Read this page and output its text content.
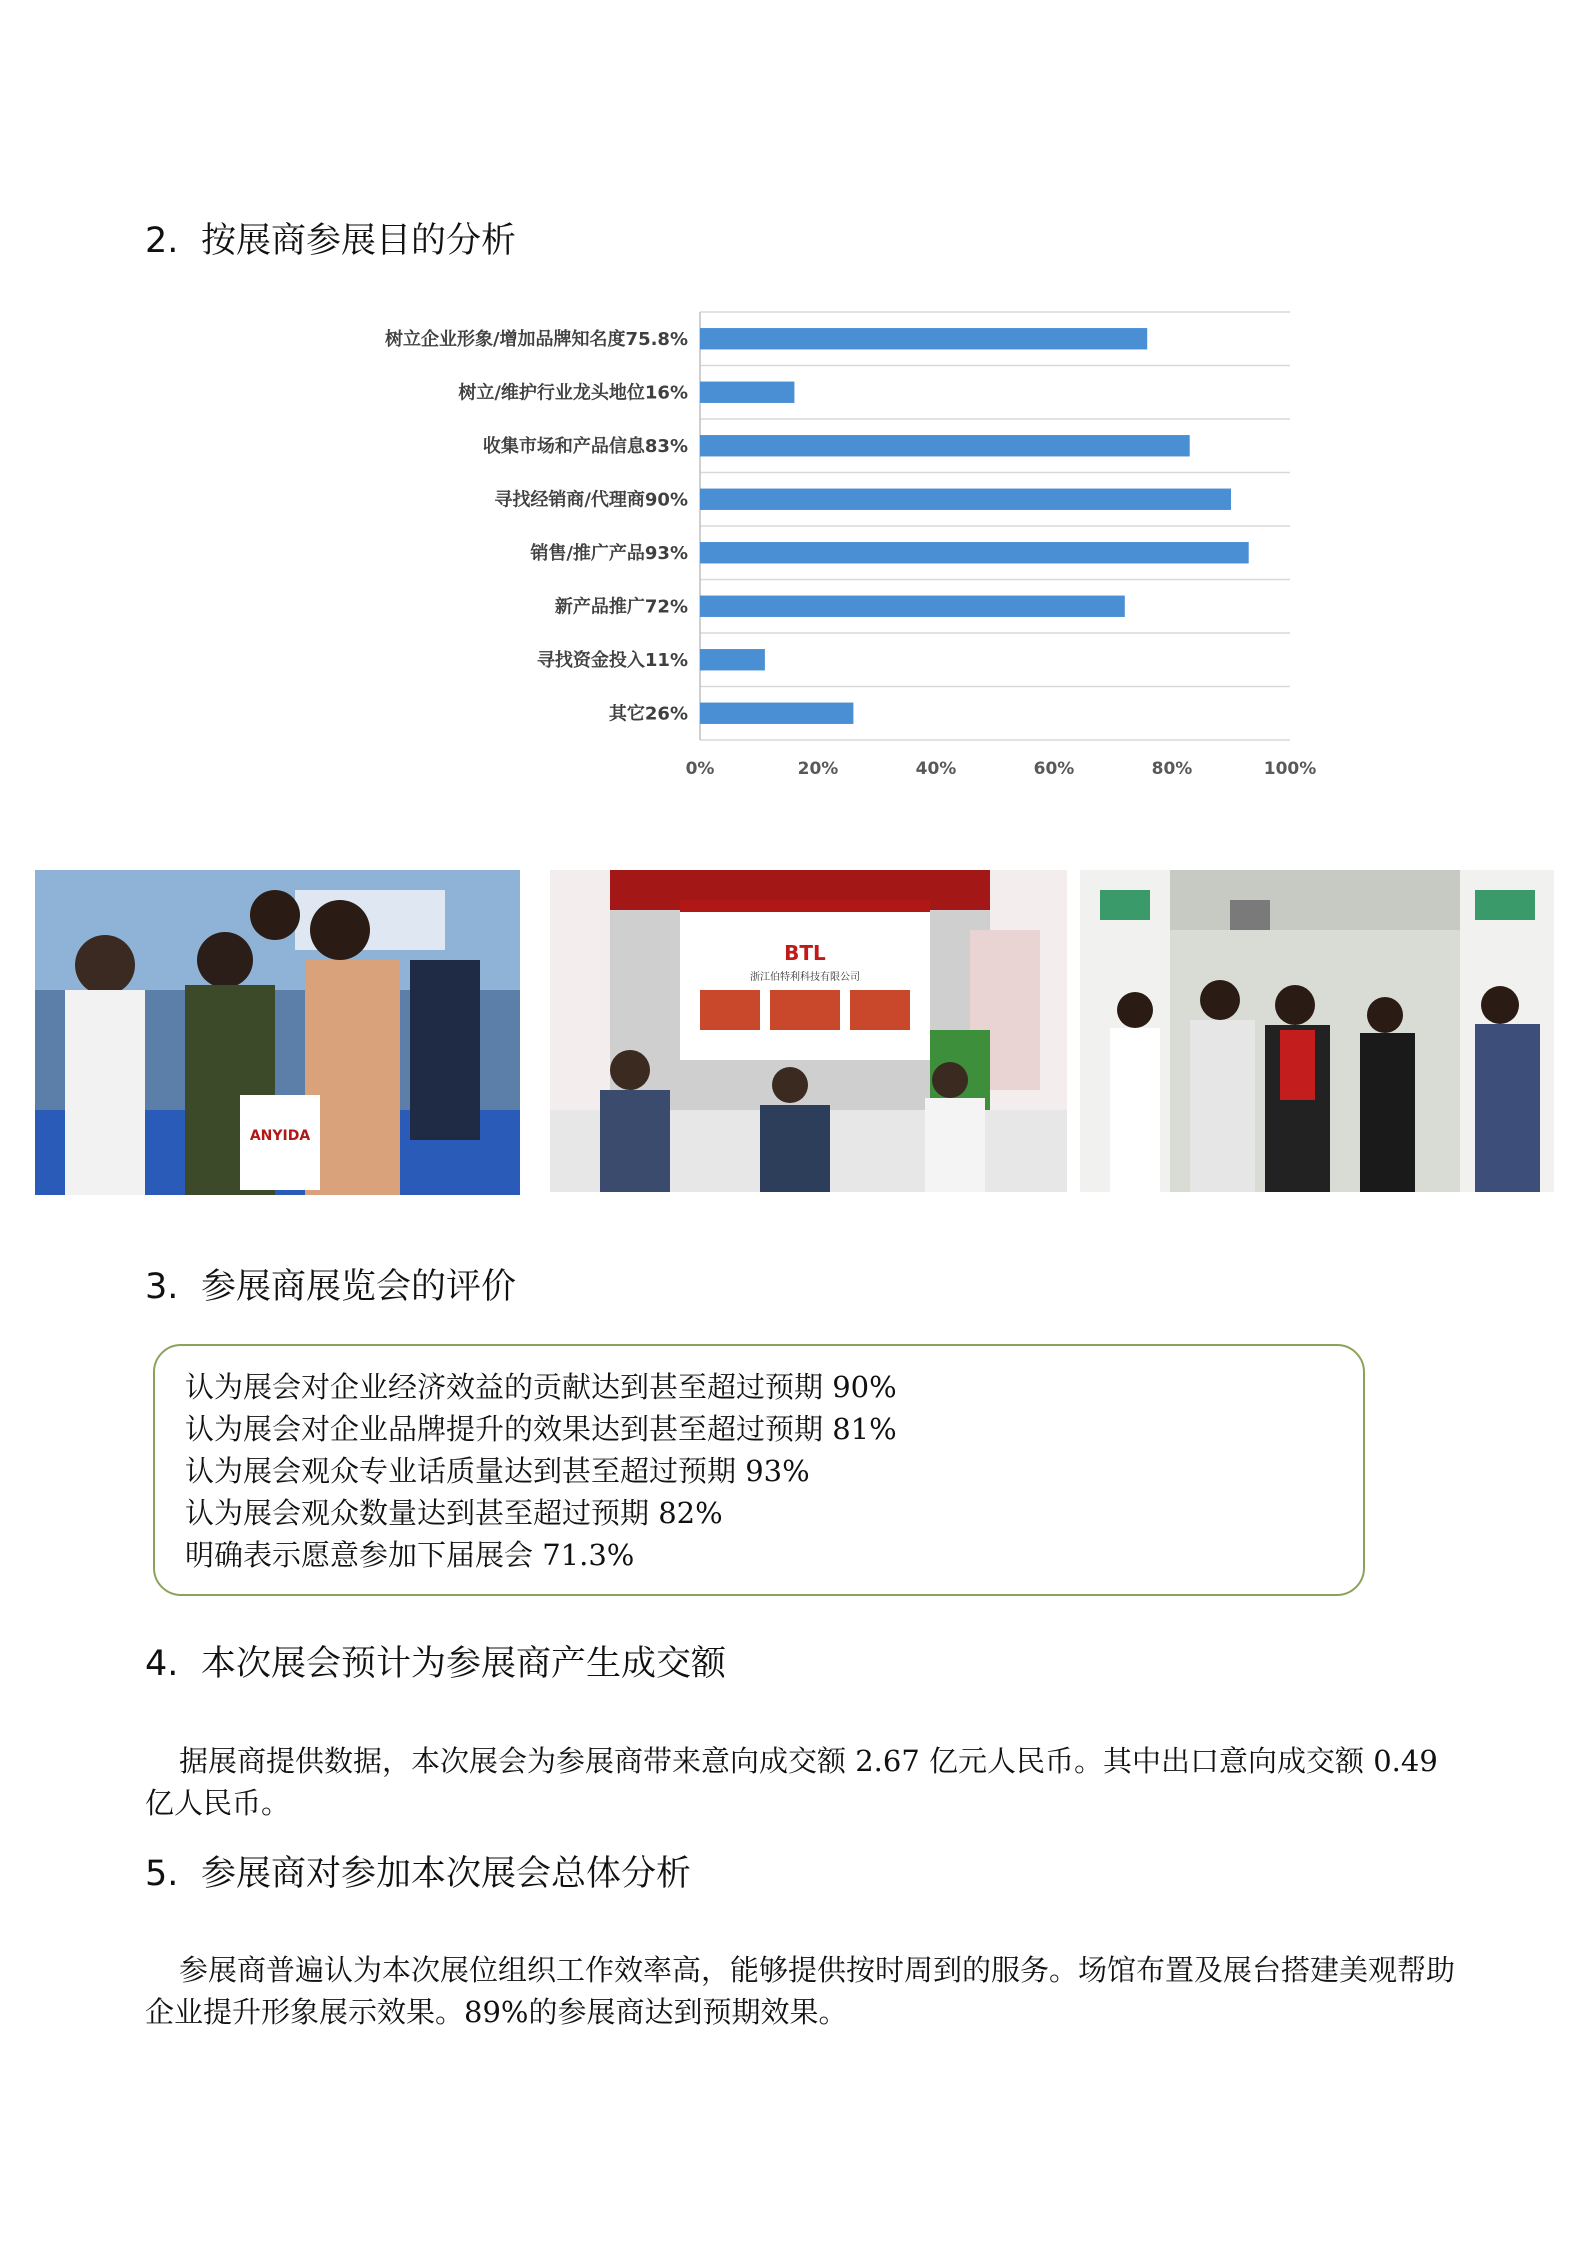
2. 按展商参展目的分析
树立企业形象/增加品牌知名度75.8%
树立/维护行业龙头地位16%
收集市场和产品信息83%
寻找经销商/代理商90%
销售/推广产品93%
新产品推广72%
寻找资金投入11%
其它26%
0%	20%	40%	60%	80%	100%
ANYIDA
BTL
浙江伯特利科技有限公司
3. 参展商展览会的评价
认为展会对企业经济效益的贡献达到甚至超过预期 90%
认为展会对企业品牌提升的效果达到甚至超过预期 81%
认为展会观众专业话质量达到甚至超过预期 93%
认为展会观众数量达到甚至超过预期 82%
明确表示愿意参加下届展会 71.3%
4. 本次展会预计为参展商产生成交额

据展商提供数据，本次展会为参展商带来意向成交额 2.67 亿元人民币。其中出口意向成交额 0.49 亿人民币。

5. 参展商对参加本次展会总体分析

参展商普遍认为本次展位组织工作效率高，能够提供按时周到的服务。场馆布置及展台搭建美观帮助企业提升形象展示效果。89%的参展商达到预期效果。
